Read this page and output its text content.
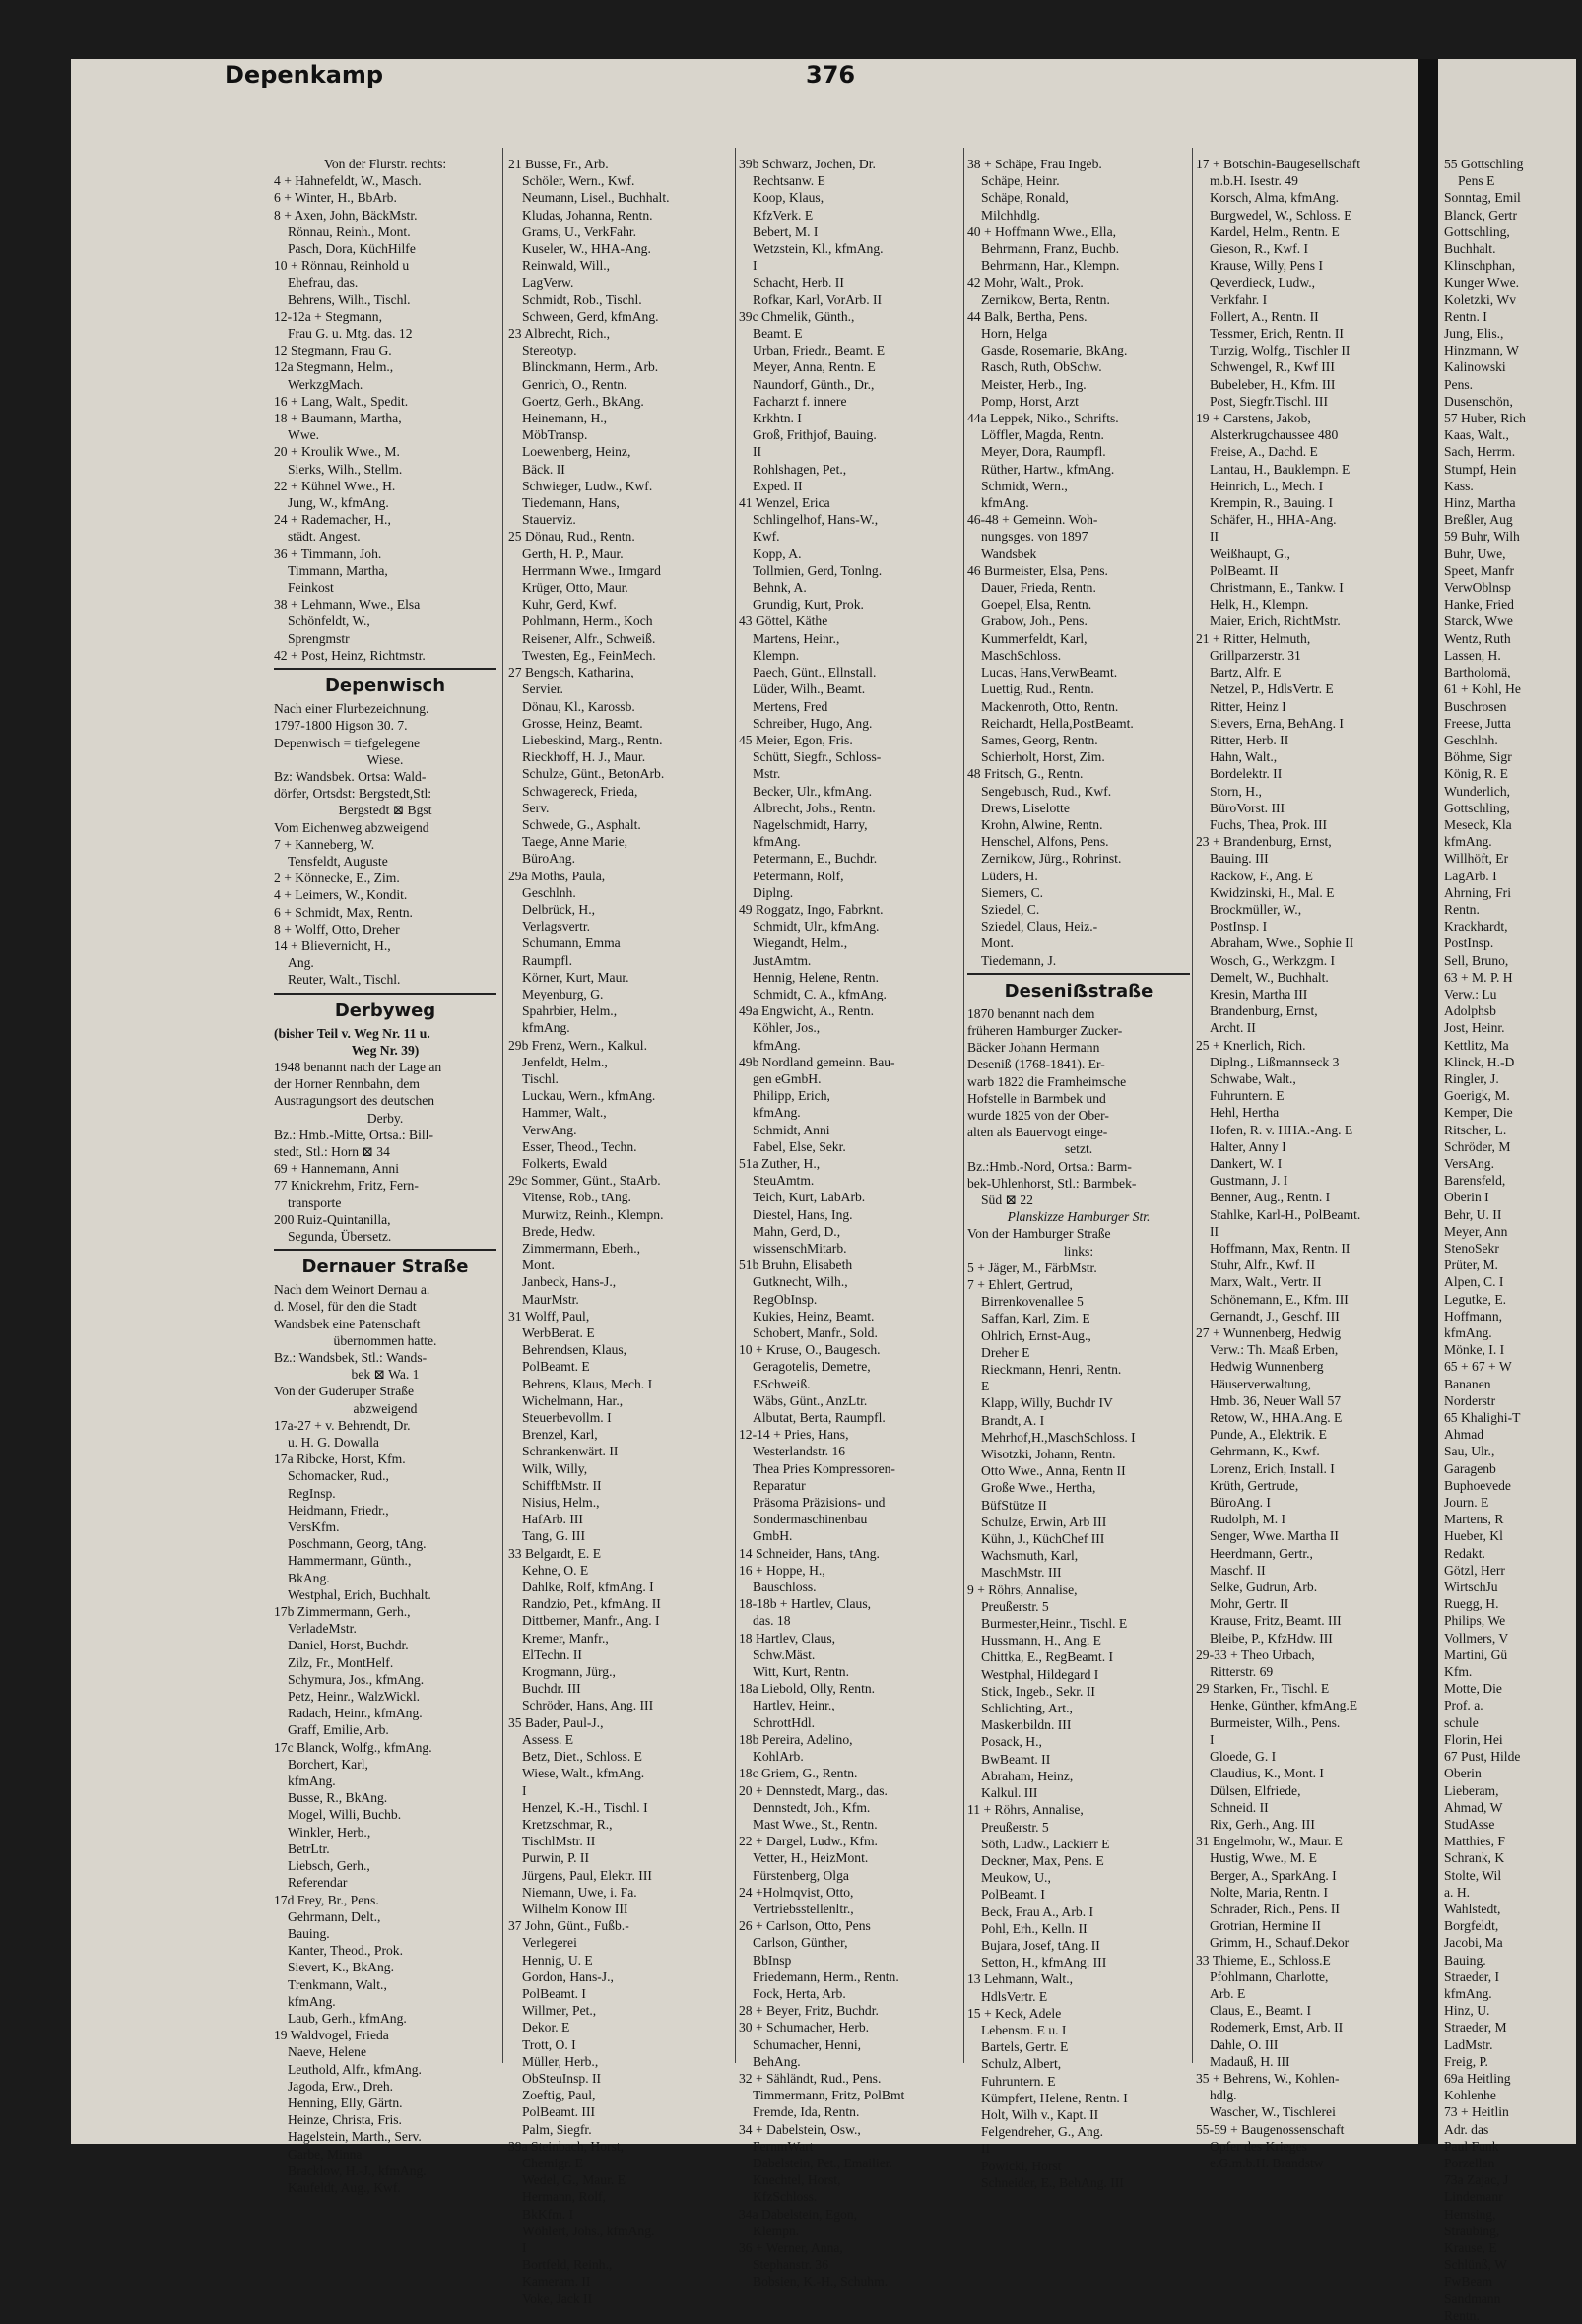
55 Gottschling
Pens E
Sonntag, Emil
Blanck, Gertr
Gottschling,
Buchhalt.
Klinschphan,
Kunger Wwe.
Koletzki, Wv
Rentn. I
Jung, Elis.,
Hinzmann, W
Kalinowski
Pens.
Dusenschön,
57 Huber, Rich
Kaas, Walt.,
Sach, Herrm.
Stumpf, Hein
Kass.
Hinz, Martha
Breßler, Aug
59 Buhr, Wilh
Buhr, Uwe,
Speet, Manfr
VerwOblnsp
Hanke, Fried
Starck, Wwe
Wentz, Ruth
Lassen, H.
Bartholomä,
61 + Kohl, He
Buschrosen
Freese, Jutta
Geschlnh.
Böhme, Sigr
König, R. E
Wunderlich,
Gottschling,
Meseck, Kla
kfmAng.
Willhöft, Er
LagArb. I
Ahrning, Fri
Rentn.
Krackhardt,
PostInsp.
Sell, Bruno,
63 + M. P. H
Verw.: Lu
Adolphsb
Jost, Heinr.
Kettlitz, Ma
Klinck, H.-D
Ringler, J.
Goerigk, M.
Kemper, Die
Ritscher, L.
Schröder, M
VersAng.
Barensfeld,
Oberin I
Behr, U. II
Meyer, Ann
StenoSekr
Prüter, M.
Alpen, C. I
Legutke, E.
Hoffmann,
kfmAng.
Mönke, I. I
65 + 67 + W
Bananen
Norderstr
65 Khalighi-T
Ahmad
Sau, Ulr.,
Garagenb
Buphoevede
Journ. E
Martens, R
Hueber, Kl
Redakt.
Götzl, Herr
WirtschJu
Ruegg, H.
Philips, We
Vollmers, V
Martini, Gü
Kfm.
Motte, Die
Prof. a.
schule
Florin, Hei
67 Pust, Hilde
Oberin
Lieberam,
Ahmad, W
StudAsse
Matthies, F
Schrank, K
Stolte, Wil
a. H.
Wahlstedt,
Borgfeldt,
Jacobi, Ma
Bauing.
Straeder, I
kfmAng.
Hinz, U.
Straeder, M
LadMstr.
Freig, P.
69a Heitling
Kohlenhe
73 + Heitlin
Adr. das
Paul Funk
Porzellan
73a Zajac, J
Lindemanr
Hemsing,
Straubing,
Krause, E
Schlünß, W
FwBeam
Sandmann
Rentn.
Depenkamp	376
Von der Flurstr. rechts:
4 + Hahnefeldt, W., Masch.
6 + Winter, H., BbArb.
8 + Axen, John, BäckMstr.
Rönnau, Reinh., Mont.
Pasch, Dora, KüchHilfe
10 + Rönnau, Reinhold u
Ehefrau, das.
Behrens, Wilh., Tischl.
12-12a + Stegmann,
Frau G. u. Mtg. das. 12
12 Stegmann, Frau G.
12a Stegmann, Helm.,
WerkzgMach.
16 + Lang, Walt., Spedit.
18 + Baumann, Martha,
Wwe.
20 + Kroulik Wwe., M.
Sierks, Wilh., Stellm.
22 + Kühnel Wwe., H.
Jung, W., kfmAng.
24 + Rademacher, H.,
städt. Angest.
36 + Timmann, Joh.
Timmann, Martha,
Feinkost
38 + Lehmann, Wwe., Elsa
Schönfeldt, W.,
Sprengmstr
42 + Post, Heinz, Richtmstr.
Depenwisch
Nach einer Flurbezeichnung.
1797-1800 Higson 30. 7.
Depenwisch = tiefgelegene
Wiese.
Bz: Wandsbek. Ortsa: Wald-
dörfer, Ortsdst: Bergstedt,Stl:
Bergstedt ⊠ Bgst
Vom Eichenweg abzweigend
7 + Kanneberg, W.
Tensfeldt, Auguste
2 + Könnecke, E., Zim.
4 + Leimers, W., Kondit.
6 + Schmidt, Max, Rentn.
8 + Wolff, Otto, Dreher
14 + Blievernicht, H.,
Ang.
Reuter, Walt., Tischl.
Derbyweg
(bisher Teil v. Weg Nr. 11 u.
Weg Nr. 39)
1948 benannt nach der Lage an
der Horner Rennbahn, dem
Austragungsort des deutschen
Derby.
Bz.: Hmb.-Mitte, Ortsa.: Bill-
stedt, Stl.: Horn ⊠ 34
69 + Hannemann, Anni
77 Knickrehm, Fritz, Fern-
transporte
200 Ruiz-Quintanilla,
Segunda, Übersetz.
Dernauer Straße
Nach dem Weinort Dernau a.
d. Mosel, für den die Stadt
Wandsbek eine Patenschaft
übernommen hatte.
Bz.: Wandsbek, Stl.: Wands-
bek ⊠ Wa. 1
Von der Guderuper Straße
abzweigend
17a-27 + v. Behrendt, Dr.
u. H. G. Dowalla
17a Ribcke, Horst, Kfm.
Schomacker, Rud.,
RegInsp.
Heidmann, Friedr.,
VersKfm.
Poschmann, Georg, tAng.
Hammermann, Günth.,
BkAng.
Westphal, Erich, Buchhalt.
17b Zimmermann, Gerh.,
VerladeMstr.
Daniel, Horst, Buchdr.
Zilz, Fr., MontHelf.
Schymura, Jos., kfmAng.
Petz, Heinr., WalzWickl.
Radach, Heinr., kfmAng.
Graff, Emilie, Arb.
17c Blanck, Wolfg., kfmAng.
Borchert, Karl,
kfmAng.
Busse, R., BkAng.
Mogel, Willi, Buchb.
Winkler, Herb.,
BetrLtr.
Liebsch, Gerh.,
Referendar
17d Frey, Br., Pens.
Gehrmann, Delt.,
Bauing.
Kanter, Theod., Prok.
Sievert, K., BkAng.
Trenkmann, Walt.,
kfmAng.
Laub, Gerh., kfmAng.
19 Waldvogel, Frieda
Naeve, Helene
Leuthold, Alfr., kfmAng.
Jagoda, Erw., Dreh.
Henning, Elly, Gärtn.
Heinze, Christa, Fris.
Hagelstein, Marth., Serv.
Garbe, Minna
Bracklow, H.-J., kfmAng.
Kaufeldt, Aug., Kwf.
21 Busse, Fr., Arb.
Schöler, Wern., Kwf.
Neumann, Lisel., Buchhalt.
Kludas, Johanna, Rentn.
Grams, U., VerkFahr.
Kuseler, W., HHA-Ang.
Reinwald, Will.,
LagVerw.
Schmidt, Rob., Tischl.
Schween, Gerd, kfmAng.
23 Albrecht, Rich.,
Stereotyp.
Blinckmann, Herm., Arb.
Genrich, O., Rentn.
Goertz, Gerh., BkAng.
Heinemann, H.,
MöbTransp.
Loewenberg, Heinz,
Bäck. II
Schwieger, Ludw., Kwf.
Tiedemann, Hans,
Stauerviz.
25 Dönau, Rud., Rentn.
Gerth, H. P., Maur.
Herrmann Wwe., Irmgard
Krüger, Otto, Maur.
Kuhr, Gerd, Kwf.
Pohlmann, Herm., Koch
Reisener, Alfr., Schweiß.
Twesten, Eg., FeinMech.
27 Bengsch, Katharina,
Servier.
Dönau, Kl., Karossb.
Grosse, Heinz, Beamt.
Liebeskind, Marg., Rentn.
Rieckhoff, H. J., Maur.
Schulze, Günt., BetonArb.
Schwagereck, Frieda,
Serv.
Schwede, G., Asphalt.
Taege, Anne Marie,
BüroAng.
29a Moths, Paula,
Geschlnh.
Delbrück, H.,
Verlagsvertr.
Schumann, Emma
Raumpfl.
Körner, Kurt, Maur.
Meyenburg, G.
Spahrbier, Helm.,
kfmAng.
29b Frenz, Wern., Kalkul.
Jenfeldt, Helm.,
Tischl.
Luckau, Wern., kfmAng.
Hammer, Walt.,
VerwAng.
Esser, Theod., Techn.
Folkerts, Ewald
29c Sommer, Günt., StaArb.
Vitense, Rob., tAng.
Murwitz, Reinh., Klempn.
Brede, Hedw.
Zimmermann, Eberh.,
Mont.
Janbeck, Hans-J.,
MaurMstr.
31 Wolff, Paul,
WerbBerat. E
Behrendsen, Klaus,
PolBeamt. E
Behrens, Klaus, Mech. I
Wichelmann, Har.,
Steuerbevollm. I
Brenzel, Karl,
Schrankenwärt. II
Wilk, Willy,
SchiffbMstr. II
Nisius, Helm.,
HafArb. III
Tang, G. III
33 Belgardt, E. E
Kehne, O. E
Dahlke, Rolf, kfmAng. I
Randzio, Pet., kfmAng. II
Dittberner, Manfr., Ang. I
Kremer, Manfr.,
ElTechn. II
Krogmann, Jürg.,
Buchdr. III
Schröder, Hans, Ang. III
35 Bader, Paul-J.,
Assess. E
Betz, Diet., Schloss. E
Wiese, Walt., kfmAng.
I
Henzel, K.-H., Tischl. I
Kretzschmar, R.,
TischlMstr. II
Purwin, P. II
Jürgens, Paul, Elektr. III
Niemann, Uwe, i. Fa.
Wilhelm Konow III
37 John, Günt., Fußb.-
Verlegerei
Hennig, U. E
Gordon, Hans-J.,
PolBeamt. I
Willmer, Pet.,
Dekor. E
Trott, O. I
Müller, Herb.,
ObSteuInsp. II
Zoeftig, Paul,
PolBeamt. III
Palm, Siegfr.
39a Steinbach, Horst,
Chemigr. E
Wedel, G., Maur. E
Hermann, Rolf,
BkKfm. I
Wöhlert, Johs., kfmAng.
I
Bortfeld, Reinh.,
Kameram. II
Voke, Jack II
39b Schwarz, Jochen, Dr.
Rechtsanw. E
Koop, Klaus,
KfzVerk. E
Bebert, M. I
Wetzstein, Kl., kfmAng.
I
Schacht, Herb. II
Rofkar, Karl, VorArb. II
39c Chmelik, Günth.,
Beamt. E
Urban, Friedr., Beamt. E
Meyer, Anna, Rentn. E
Naundorf, Günth., Dr.,
Facharzt f. innere
Krkhtn. I
Groß, Frithjof, Bauing.
II
Rohlshagen, Pet.,
Exped. II
41 Wenzel, Erica
Schlingelhof, Hans-W.,
Kwf.
Kopp, A.
Tollmien, Gerd, Tonlng.
Behnk, A.
Grundig, Kurt, Prok.
43 Göttel, Käthe
Martens, Heinr.,
Klempn.
Paech, Günt., Ellnstall.
Lüder, Wilh., Beamt.
Mertens, Fred
Schreiber, Hugo, Ang.
45 Meier, Egon, Fris.
Schütt, Siegfr., Schloss-
Mstr.
Becker, Ulr., kfmAng.
Albrecht, Johs., Rentn.
Nagelschmidt, Harry,
kfmAng.
Petermann, E., Buchdr.
Petermann, Rolf,
Diplng.
49 Roggatz, Ingo, Fabrknt.
Schmidt, Ulr., kfmAng.
Wiegandt, Helm.,
JustAmtm.
Hennig, Helene, Rentn.
Schmidt, C. A., kfmAng.
49a Engwicht, A., Rentn.
Köhler, Jos.,
kfmAng.
49b Nordland gemeinn. Bau-
gen eGmbH.
Philipp, Erich,
kfmAng.
Schmidt, Anni
Fabel, Else, Sekr.
51a Zuther, H.,
SteuAmtm.
Teich, Kurt, LabArb.
Diestel, Hans, Ing.
Mahn, Gerd, D.,
wissenschMitarb.
51b Bruhn, Elisabeth
Gutknecht, Wilh.,
RegObInsp.
Kukies, Heinz, Beamt.
Schobert, Manfr., Sold.
10 + Kruse, O., Baugesch.
Geragotelis, Demetre,
ESchweiß.
Wäbs, Günt., AnzLtr.
Albutat, Berta, Raumpfl.
12-14 + Pries, Hans,
Westerlandstr. 16
Thea Pries Kompressoren-
Reparatur
Präsoma Präzisions- und
Sondermaschinenbau
GmbH.
14 Schneider, Hans, tAng.
16 + Hoppe, H.,
Bauschloss.
18-18b + Hartlev, Claus,
das. 18
18 Hartlev, Claus,
Schw.Mäst.
Witt, Kurt, Rentn.
18a Liebold, Olly, Rentn.
Hartlev, Heinr.,
SchrottHdl.
18b Pereira, Adelino,
KohlArb.
18c Griem, G., Rentn.
20 + Dennstedt, Marg., das.
Dennstedt, Joh., Kfm.
Mast Wwe., St., Rentn.
22 + Dargel, Ludw., Kfm.
Vetter, H., HeizMont.
Fürstenberg, Olga
24 +Holmqvist, Otto,
Vertriebsstellenltr.,
26 + Carlson, Otto, Pens
Carlson, Günther,
BbInsp
Friedemann, Herm., Rentn.
Fock, Herta, Arb.
28 + Beyer, Fritz, Buchdr.
30 + Schumacher, Herb.
Schumacher, Henni,
BehAng.
32 + Sähländt, Rud., Pens.
Timmermann, Fritz, PolBmt
Fremde, Ida, Rentn.
34 + Dabelstein, Osw.,
FernmWart
Dabelstein, Pet., Emailier.
Knechtel, Horst,
KfzSchloss.
34a Dabelstein, Egon,
Klempn.
36 + Werner, Anna,
Stephanstr. 36
Bobsien, K.-H., Schuhm.
38 + Schäpe, Frau Ingeb.
Schäpe, Heinr.
Schäpe, Ronald,
Milchhdlg.
40 + Hoffmann Wwe., Ella,
Behrmann, Franz, Buchb.
Behrmann, Har., Klempn.
42 Mohr, Walt., Prok.
Zernikow, Berta, Rentn.
44 Balk, Bertha, Pens.
Horn, Helga
Gasde, Rosemarie, BkAng.
Rasch, Ruth, ObSchw.
Meister, Herb., Ing.
Pomp, Horst, Arzt
44a Leppek, Niko., Schrifts.
Löffler, Magda, Rentn.
Meyer, Dora, Raumpfl.
Rüther, Hartw., kfmAng.
Schmidt, Wern.,
kfmAng.
46-48 + Gemeinn. Woh-
nungsges. von 1897
Wandsbek
46 Burmeister, Elsa, Pens.
Dauer, Frieda, Rentn.
Goepel, Elsa, Rentn.
Grabow, Joh., Pens.
Kummerfeldt, Karl,
MaschSchloss.
Lucas, Hans,VerwBeamt.
Luettig, Rud., Rentn.
Mackenroth, Otto, Rentn.
Reichardt, Hella,PostBeamt.
Sames, Georg, Rentn.
Schierholt, Horst, Zim.
48 Fritsch, G., Rentn.
Sengebusch, Rud., Kwf.
Drews, Liselotte
Krohn, Alwine, Rentn.
Henschel, Alfons, Pens.
Zernikow, Jürg., Rohrinst.
Lüders, H.
Siemers, C.
Sziedel, C.
Sziedel, Claus, Heiz.-
Mont.
Tiedemann, J.
Deseniẞstraße
1870 benannt nach dem
früheren Hamburger Zucker-
Bäcker Johann Hermann
Deseniß (1768-1841). Er-
warb 1822 die Framheimsche
Hofstelle in Barmbek und
wurde 1825 von der Ober-
alten als Bauervogt einge-
setzt.
Bz.:Hmb.-Nord, Ortsa.: Barm-
bek-Uhlenhorst, Stl.: Barmbek-
Süd ⊠ 22
Planskizze Hamburger Str.
Von der Hamburger Straße
links:
5 + Jäger, M., FärbMstr.
7 + Ehlert, Gertrud,
Birrenkovenallee 5
Saffan, Karl, Zim. E
Ohlrich, Ernst-Aug.,
Dreher E
Rieckmann, Henri, Rentn.
E
Klapp, Willy, Buchdr IV
Brandt, A. I
Mehrhof,H.,MaschSchloss. I
Wisotzki, Johann, Rentn.
Otto Wwe., Anna, Rentn II
Große Wwe., Hertha,
BüfStütze II
Schulze, Erwin, Arb III
Kühn, J., KüchChef III
Wachsmuth, Karl,
MaschMstr. III
9 + Röhrs, Annalise,
Preußerstr. 5
Burmester,Heinr., Tischl. E
Hussmann, H., Ang. E
Chittka, E., RegBeamt. I
Westphal, Hildegard I
Stick, Ingeb., Sekr. II
Schlichting, Art.,
Maskenbildn. III
Posack, H.,
BwBeamt. II
Abraham, Heinz,
Kalkul. III
11 + Röhrs, Annalise,
Preußerstr. 5
Söth, Ludw., Lackierr E
Deckner, Max, Pens. E
Meukow, U.,
PolBeamt. I
Beck, Frau A., Arb. I
Pohl, Erh., Kelln. II
Bujara, Josef, tAng. II
Setton, H., kfmAng. III
13 Lehmann, Walt.,
HdlsVertr. E
15 + Keck, Adele
Lebensm. E u. I
Bartels, Gertr. E
Schulz, Albert,
Fuhruntern. E
Kümpfert, Helene, Rentn. I
Holt, Wilh v., Kapt. II
Felgendreher, G., Ang.
II
Powicki, Horst
Schneider, E., BehAng. III
17 + Botschin-Baugesellschaft
m.b.H. Isestr. 49
Korsch, Alma, kfmAng.
Burgwedel, W., Schloss. E
Kardel, Helm., Rentn. E
Gieson, R., Kwf. I
Krause, Willy, Pens I
Qeverdieck, Ludw.,
Verkfahr. I
Follert, A., Rentn. II
Tessmer, Erich, Rentn. II
Turzig, Wolfg., Tischler II
Schwengel, R., Kwf III
Bubeleber, H., Kfm. III
Post, Siegfr.Tischl. III
19 + Carstens, Jakob,
Alsterkrugchaussee 480
Freise, A., Dachd. E
Lantau, H., Bauklempn. E
Heinrich, L., Mech. I
Krempin, R., Bauing. I
Schäfer, H., HHA-Ang.
II
Weißhaupt, G.,
PolBeamt. II
Christmann, E., Tankw. I
Helk, H., Klempn.
Maier, Erich, RichtMstr.
21 + Ritter, Helmuth,
Grillparzerstr. 31
Bartz, Alfr. E
Netzel, P., HdlsVertr. E
Ritter, Heinz I
Sievers, Erna, BehAng. I
Ritter, Herb. II
Hahn, Walt.,
Bordelektr. II
Storn, H.,
BüroVorst. III
Fuchs, Thea, Prok. III
23 + Brandenburg, Ernst,
Bauing. III
Rackow, F., Ang. E
Kwidzinski, H., Mal. E
Brockmüller, W.,
PostInsp. I
Abraham, Wwe., Sophie II
Wosch, G., Werkzgm. I
Demelt, W., Buchhalt.
Kresin, Martha III
Brandenburg, Ernst,
Archt. II
25 + Knerlich, Rich.
Diplng., Lißmannseck 3
Schwabe, Walt.,
Fuhruntern. E
Hehl, Hertha
Hofen, R. v. HHA.-Ang. E
Halter, Anny I
Dankert, W. I
Gustmann, J. I
Benner, Aug., Rentn. I
Stahlke, Karl-H., PolBeamt.
II
Hoffmann, Max, Rentn. II
Stuhr, Alfr., Kwf. II
Marx, Walt., Vertr. II
Schönemann, E., Kfm. III
Gernandt, J., Geschf. III
27 + Wunnenberg, Hedwig
Verw.: Th. Maaß Erben,
Hedwig Wunnenberg
Häuserverwaltung,
Hmb. 36, Neuer Wall 57
Retow, W., HHA.Ang. E
Punde, A., Elektrik. E
Gehrmann, K., Kwf.
Lorenz, Erich, Install. I
Krüth, Gertrude,
BüroAng. I
Rudolph, M. I
Senger, Wwe. Martha II
Heerdmann, Gertr.,
Maschf. II
Selke, Gudrun, Arb.
Mohr, Gertr. II
Krause, Fritz, Beamt. III
Bleibe, P., KfzHdw. III
29-33 + Theo Urbach,
Ritterstr. 69
29 Starken, Fr., Tischl. E
Henke, Günther, kfmAng.E
Burmeister, Wilh., Pens.
I
Gloede, G. I
Claudius, K., Mont. I
Dülsen, Elfriede,
Schneid. II
Rix, Gerh., Ang. III
31 Engelmohr, W., Maur. E
Hustig, Wwe., M. E
Berger, A., SparkAng. I
Nolte, Maria, Rentn. I
Schrader, Rich., Pens. II
Grotrian, Hermine II
Grimm, H., Schauf.Dekor
33 Thieme, E., Schloss.E
Pfohlmann, Charlotte,
Arb. E
Claus, E., Beamt. I
Rodemerk, Ernst, Arb. II
Dahle, O. III
Madauß, H. III
35 + Behrens, W., Kohlen-
hdlg.
Wascher, W., Tischlerei
55-59 + Baugenossenschaft
Opfer des Krieges
e.G.m.b.H. Brandstw
